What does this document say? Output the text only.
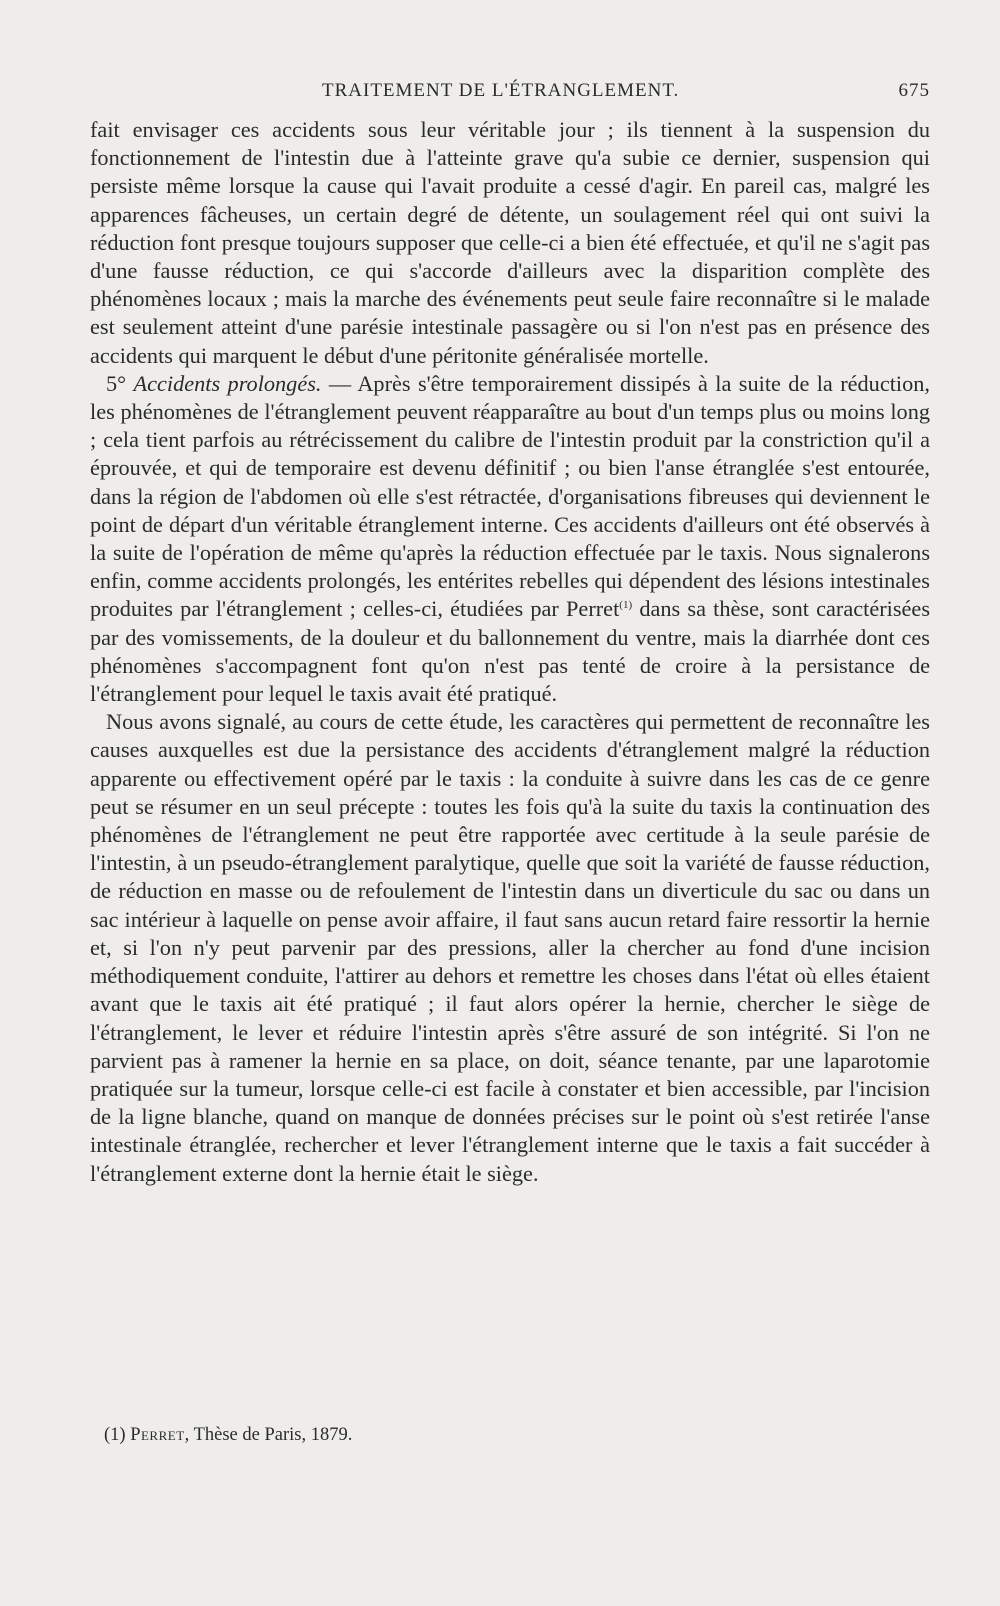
TRAITEMENT DE L'ÉTRANGLEMENT.	675

fait envisager ces accidents sous leur véritable jour ; ils tiennent à la suspension du fonctionnement de l'intestin due à l'atteinte grave qu'a subie ce dernier, suspension qui persiste même lorsque la cause qui l'avait produite a cessé d'agir. En pareil cas, malgré les apparences fâcheuses, un certain degré de détente, un soulagement réel qui ont suivi la réduction font presque toujours supposer que celle-ci a bien été effectuée, et qu'il ne s'agit pas d'une fausse réduction, ce qui s'accorde d'ailleurs avec la disparition complète des phénomènes locaux ; mais la marche des événements peut seule faire reconnaître si le malade est seulement atteint d'une parésie intestinale passagère ou si l'on n'est pas en présence des accidents qui marquent le début d'une péritonite généralisée mortelle.

5° Accidents prolongés. — Après s'être temporairement dissipés à la suite de la réduction, les phénomènes de l'étranglement peuvent réapparaître au bout d'un temps plus ou moins long ; cela tient parfois au rétrécissement du calibre de l'intestin produit par la constriction qu'il a éprouvée, et qui de temporaire est devenu définitif ; ou bien l'anse étranglée s'est entourée, dans la région de l'abdomen où elle s'est rétractée, d'organisations fibreuses qui deviennent le point de départ d'un véritable étranglement interne. Ces accidents d'ailleurs ont été observés à la suite de l'opération de même qu'après la réduction effectuée par le taxis. Nous signalerons enfin, comme accidents prolongés, les entérites rebelles qui dépendent des lésions intestinales produites par l'étranglement ; celles-ci, étudiées par Perret$^{(1)}$ dans sa thèse, sont caractérisées par des vomissements, de la douleur et du ballonnement du ventre, mais la diarrhée dont ces phénomènes s'accompagnent font qu'on n'est pas tenté de croire à la persistance de l'étranglement pour lequel le taxis avait été pratiqué.

Nous avons signalé, au cours de cette étude, les caractères qui permettent de reconnaître les causes auxquelles est due la persistance des accidents d'étranglement malgré la réduction apparente ou effectivement opéré par le taxis : la conduite à suivre dans les cas de ce genre peut se résumer en un seul précepte : toutes les fois qu'à la suite du taxis la continuation des phénomènes de l'étranglement ne peut être rapportée avec certitude à la seule parésie de l'intestin, à un pseudo-étranglement paralytique, quelle que soit la variété de fausse réduction, de réduction en masse ou de refoulement de l'intestin dans un diverticule du sac ou dans un sac intérieur à laquelle on pense avoir affaire, il faut sans aucun retard faire ressortir la hernie et, si l'on n'y peut parvenir par des pressions, aller la chercher au fond d'une incision méthodiquement conduite, l'attirer au dehors et remettre les choses dans l'état où elles étaient avant que le taxis ait été pratiqué ; il faut alors opérer la hernie, chercher le siège de l'étranglement, le lever et réduire l'intestin après s'être assuré de son intégrité. Si l'on ne parvient pas à ramener la hernie en sa place, on doit, séance tenante, par une laparotomie pratiquée sur la tumeur, lorsque celle-ci est facile à constater et bien accessible, par l'incision de la ligne blanche, quand on manque de données précises sur le point où s'est retirée l'anse intestinale étranglée, rechercher et lever l'étranglement interne que le taxis a fait succéder à l'étranglement externe dont la hernie était le siège.

(1) Perret, Thèse de Paris, 1879.
